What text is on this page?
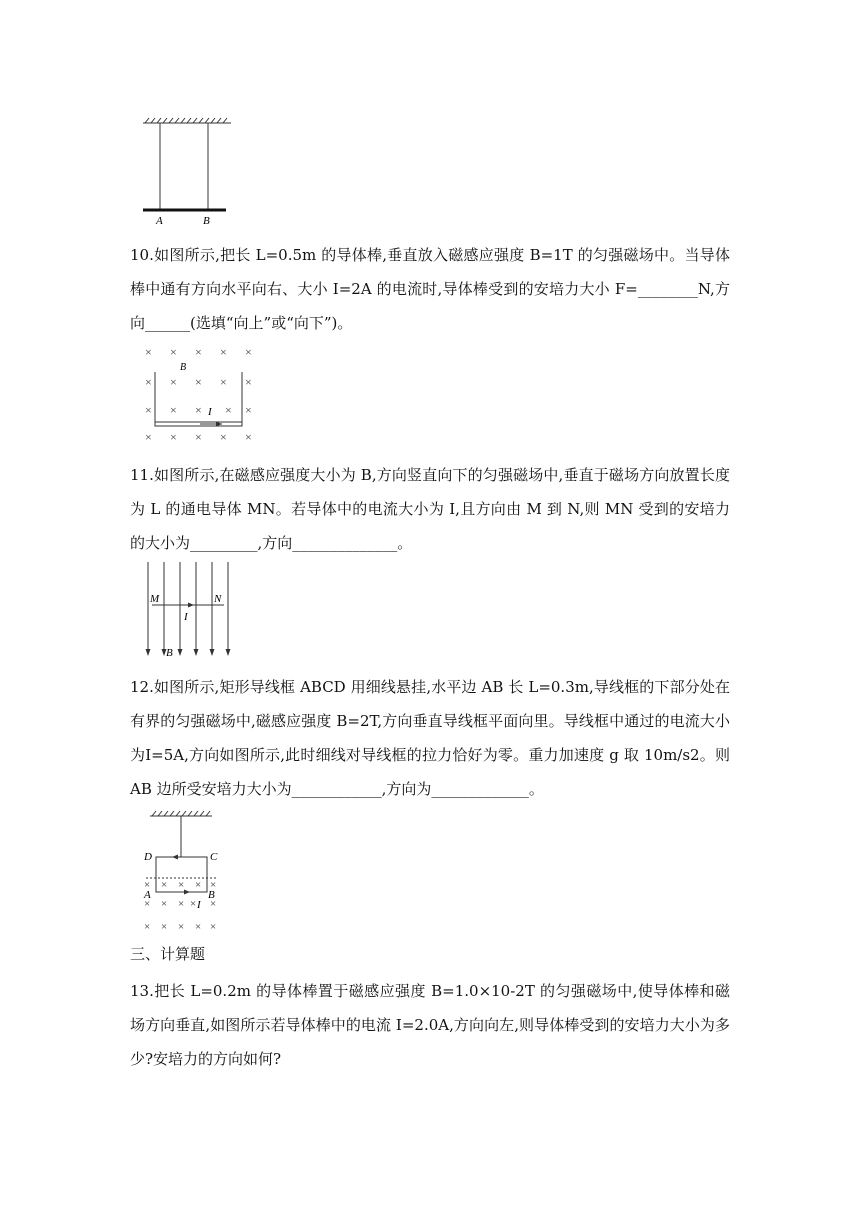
A	B

10.如图所示,把长 L=0.5m 的导体棒,垂直放入磁感应强度 B=1T 的匀强磁场中。当导体棒中通有方向水平向右、大小 I=2A 的电流时,导体棒受到的安培力大小 F=________N,方向______(选填“向上”或“向下”)。

× × × × ×
B
× × × × ×
× × × × ×
× × × × ×
I

11.如图所示,在磁感应强度大小为 B,方向竖直向下的匀强磁场中,垂直于磁场方向放置长度为 L 的通电导体 MN。若导体中的电流大小为 I,且方向由 M 到 N,则 MN 受到的安培力的大小为_________,方向______________。

M	N
I
B

12.如图所示,矩形导线框 ABCD 用细线悬挂,水平边 AB 长 L=0.3m,导线框的下部分处在有界的匀强磁场中,磁感应强度 B=2T,方向垂直导线框平面向里。导线框中通过的电流大小为I=5A,方向如图所示,此时细线对导线框的拉力恰好为零。重力加速度 g 取 10m/s2。则 AB 边所受安培力大小为____________,方向为_____________。

D	C
A	B
I
× × × × ×
× × × × ×
× × × × ×
三、计算题

13.把长 L=0.2m 的导体棒置于磁感应强度 B=1.0×10-2T 的匀强磁场中,使导体棒和磁场方向垂直,如图所示若导体棒中的电流 I=2.0A,方向向左,则导体棒受到的安培力大小为多少?安培力的方向如何?
